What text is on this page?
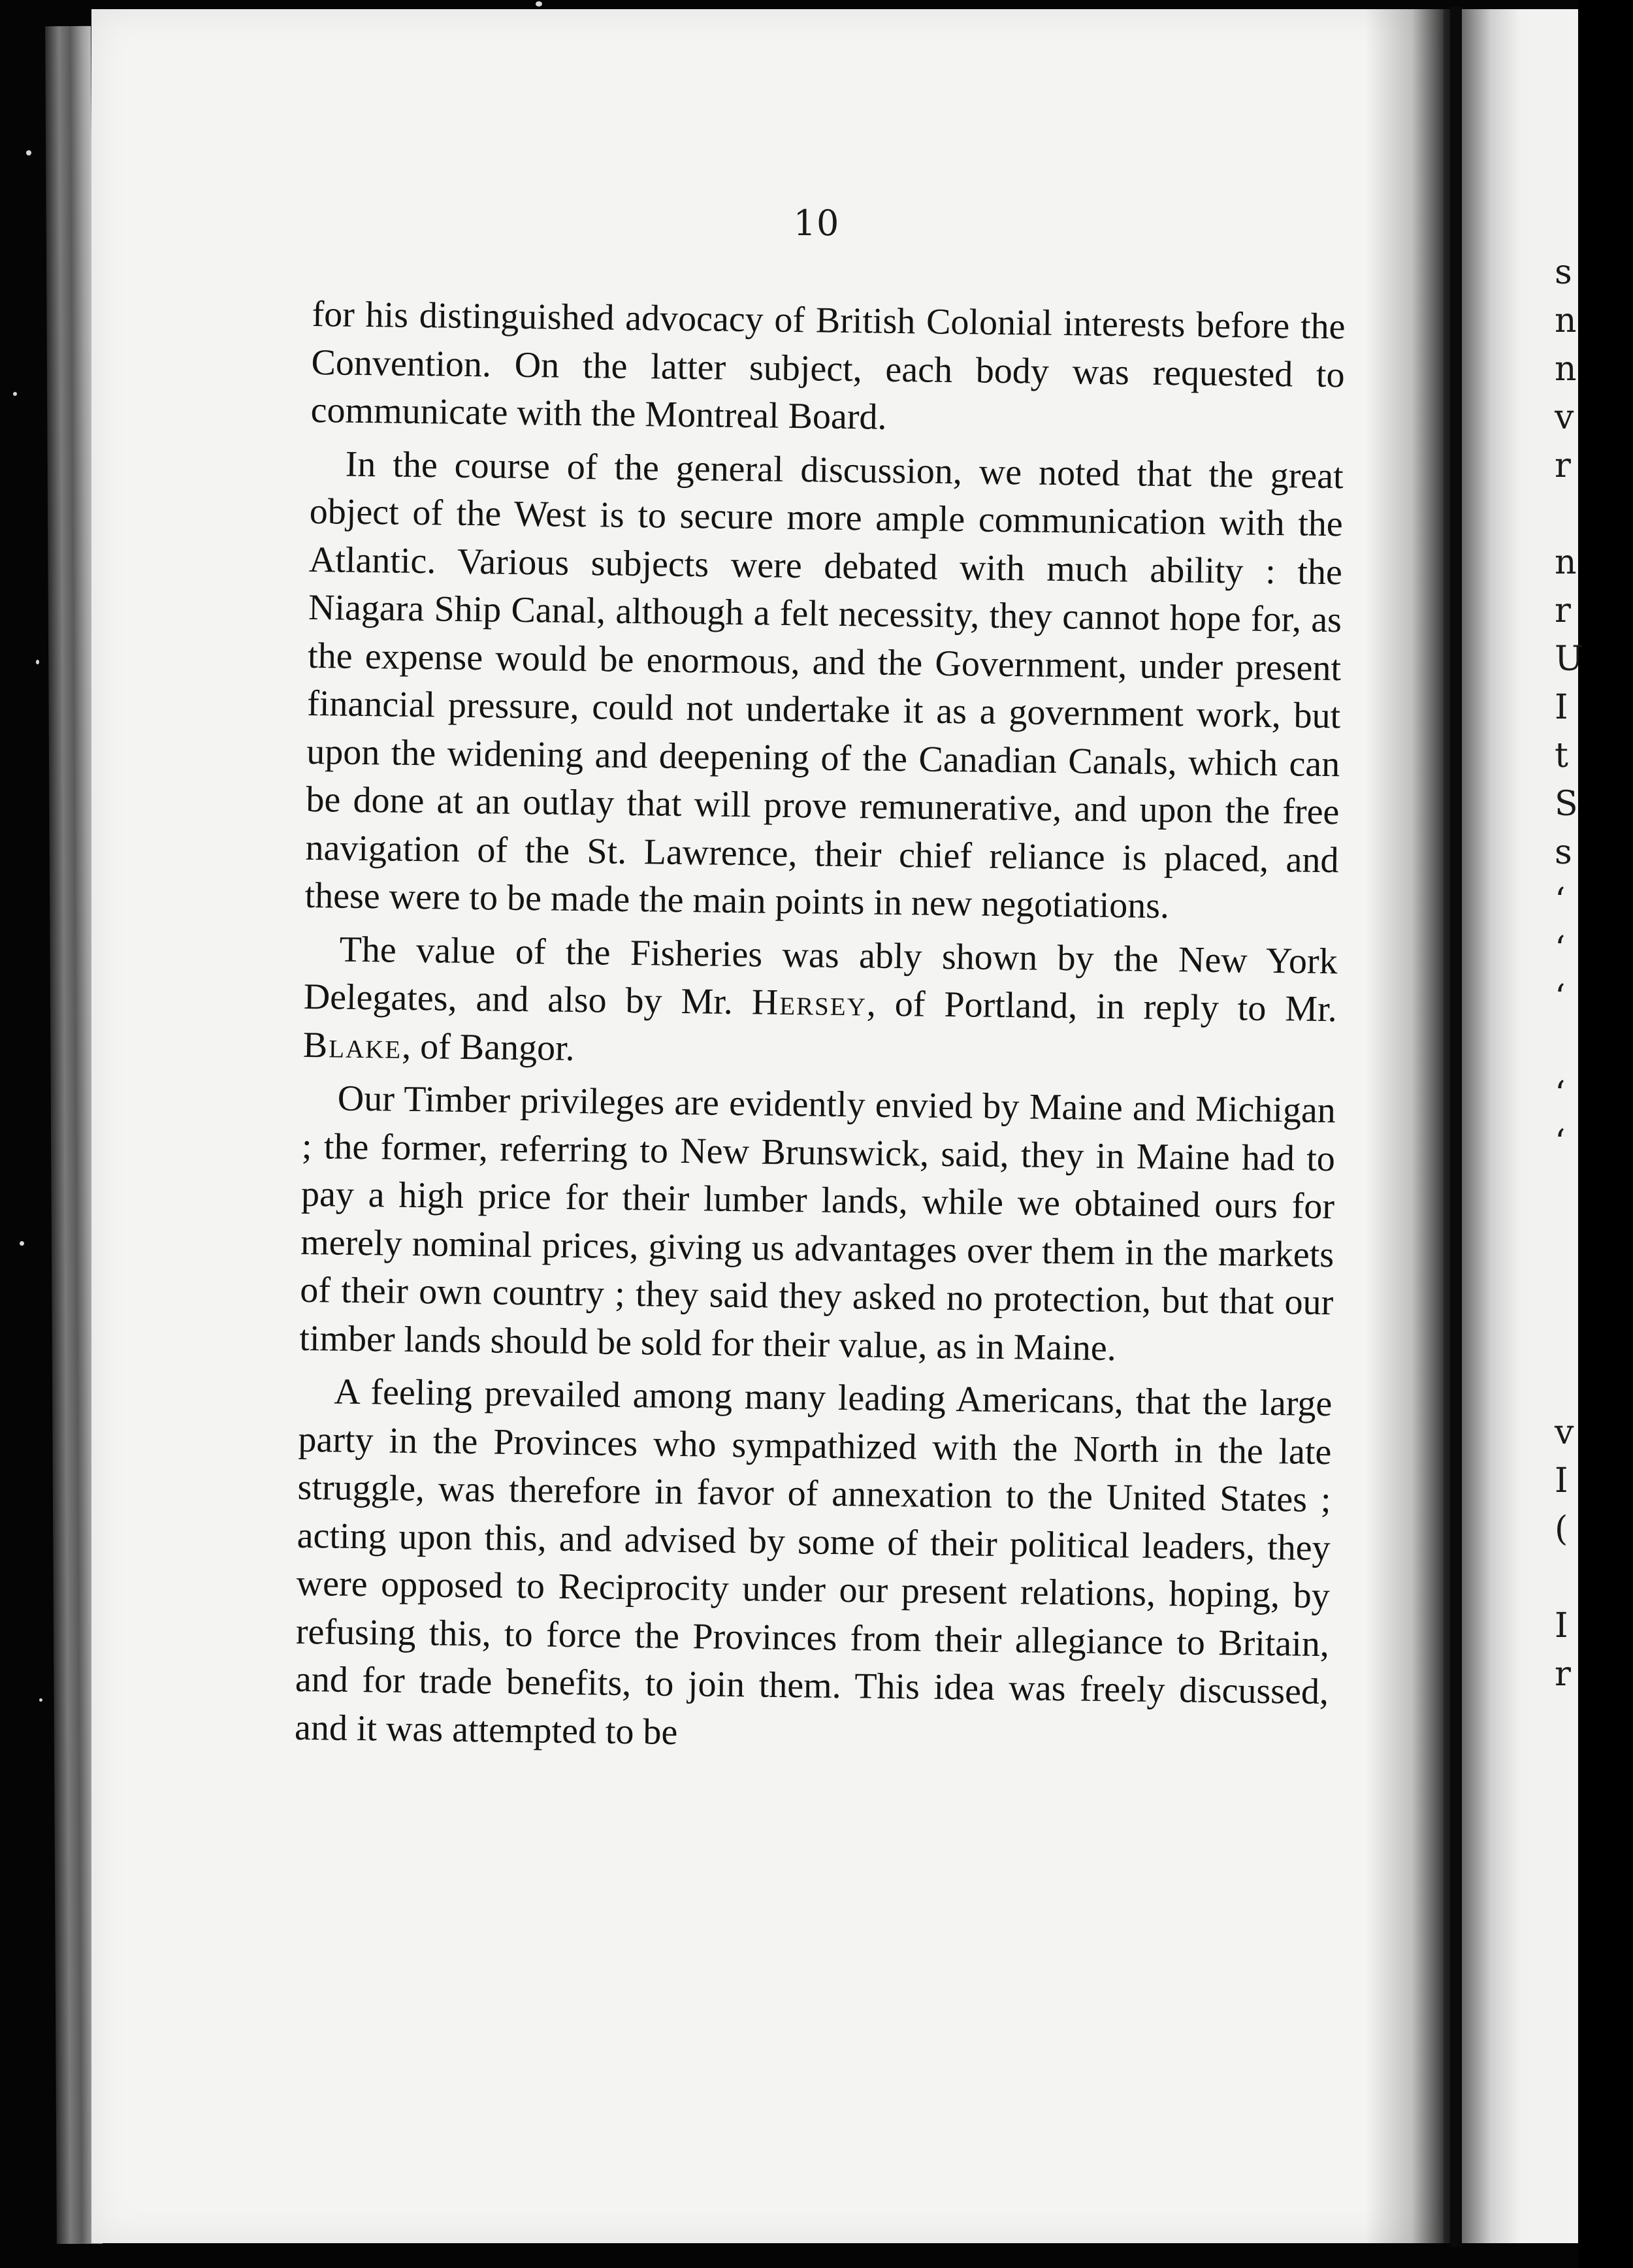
s
n
n
v
r
n
r
U
I
t
S
s
‘
‘
‘
‘
‘
v
I
(
I
r
10

for his distinguished advocacy of British Colonial interests before the Convention. On the latter subject, each body was requested to communicate with the Montreal Board.

In the course of the general discussion, we noted that the great object of the West is to secure more ample communication with the Atlantic. Various subjects were debated with much ability : the Niagara Ship Canal, although a felt necessity, they cannot hope for, as the expense would be enormous, and the Government, under present financial pressure, could not undertake it as a government work, but upon the widening and deepening of the Canadian Canals, which can be done at an outlay that will prove remunerative, and upon the free navigation of the St. Lawrence, their chief reliance is placed, and these were to be made the main points in new negotiations.

The value of the Fisheries was ably shown by the New York Delegates, and also by Mr. Hersey, of Portland, in reply to Mr. Blake, of Bangor.

Our Timber privileges are evidently envied by Maine and Michigan ; the former, referring to New Brunswick, said, they in Maine had to pay a high price for their lumber lands, while we obtained ours for merely nominal prices, giving us advantages over them in the markets of their own country ; they said they asked no protection, but that our timber lands should be sold for their value, as in Maine.

A feeling prevailed among many leading Americans, that the large party in the Provinces who sympathized with the North in the late struggle, was therefore in favor of annexation to the United States ; acting upon this, and advised by some of their political leaders, they were opposed to Reciprocity under our present relations, hoping, by refusing this, to force the Provinces from their allegiance to Britain, and for trade benefits, to join them. This idea was freely discussed, and it was attempted to be
